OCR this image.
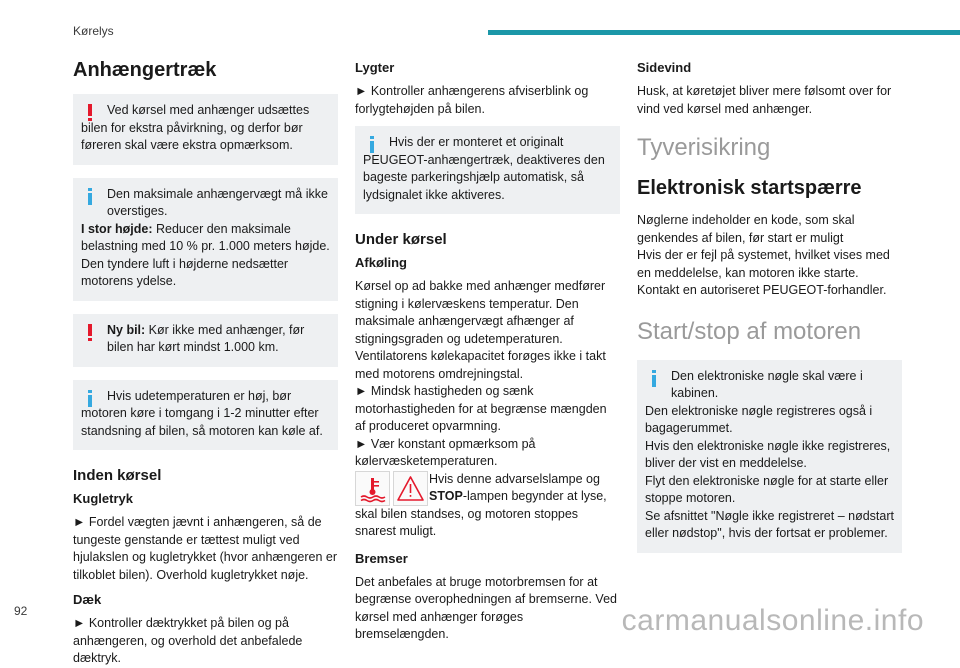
Kørelys
Anhængertræk

Ved kørsel med anhænger udsættes bilen for ekstra påvirkning, og derfor bør føreren skal være ekstra opmærksom.

Den maksimale anhængervægt må ikke overstiges.

I stor højde: Reducer den maksimale belastning med 10 % pr. 1.000 meters højde. Den tyndere luft i højderne nedsætter motorens ydelse.

Ny bil: Kør ikke med anhænger, før bilen har kørt mindst 1.000 km.

Hvis udetemperaturen er høj, bør motoren køre i tomgang i 1-2 minutter efter standsning af bilen, så motoren kan køle af.

Inden kørsel
Kugletryk

► Fordel vægten jævnt i anhængeren, så de tungeste genstande er tættest muligt ved hjulakslen og kugletrykket (hvor anhængeren er tilkoblet bilen). Overhold kugletrykket nøje.

Dæk

► Kontroller dæktrykket på bilen og på anhængeren, og overhold det anbefalede dæktryk.

Lygter

► Kontroller anhængerens afviserblink og forlygtehøjden på bilen.

Hvis der er monteret et originalt PEUGEOT-anhængertræk, deaktiveres den bageste parkeringshjælp automatisk, så lydsignalet ikke aktiveres.

Under kørsel
Afkøling

Kørsel op ad bakke med anhænger medfører stigning i kølervæskens temperatur. Den maksimale anhængervægt afhænger af stigningsgraden og udetemperaturen.

Ventilatorens kølekapacitet forøges ikke i takt med motorens omdrejningstal.

► Mindsk hastigheden og sænk motorhastigheden for at begrænse mængden af produceret opvarmning.

► Vær konstant opmærksom på kølervæsketemperaturen.

Hvis denne advarselslampe og STOP-lampen begynder at lyse,

skal bilen standses, og motoren stoppes snarest muligt.

Bremser

Det anbefales at bruge motorbremsen for at begrænse overophedningen af bremserne. Ved kørsel med anhænger forøges bremselængden.

Sidevind

Husk, at køretøjet bliver mere følsomt over for vind ved kørsel med anhænger.

Tyverisikring
Elektronisk startspærre

Nøglerne indeholder en kode, som skal genkendes af bilen, før start er muligt

Hvis der er fejl på systemet, hvilket vises med en meddelelse, kan motoren ikke starte.

Kontakt en autoriseret PEUGEOT-forhandler.

Start/stop af motoren

Den elektroniske nøgle skal være i kabinen.

Den elektroniske nøgle registreres også i bagagerummet.

Hvis den elektroniske nøgle ikke registreres, bliver der vist en meddelelse.

Flyt den elektroniske nøgle for at starte eller stoppe motoren.

Se afsnittet "Nøgle ikke registreret – nødstart eller nødstop", hvis der fortsat er problemer.

92	carmanualsonline.info
